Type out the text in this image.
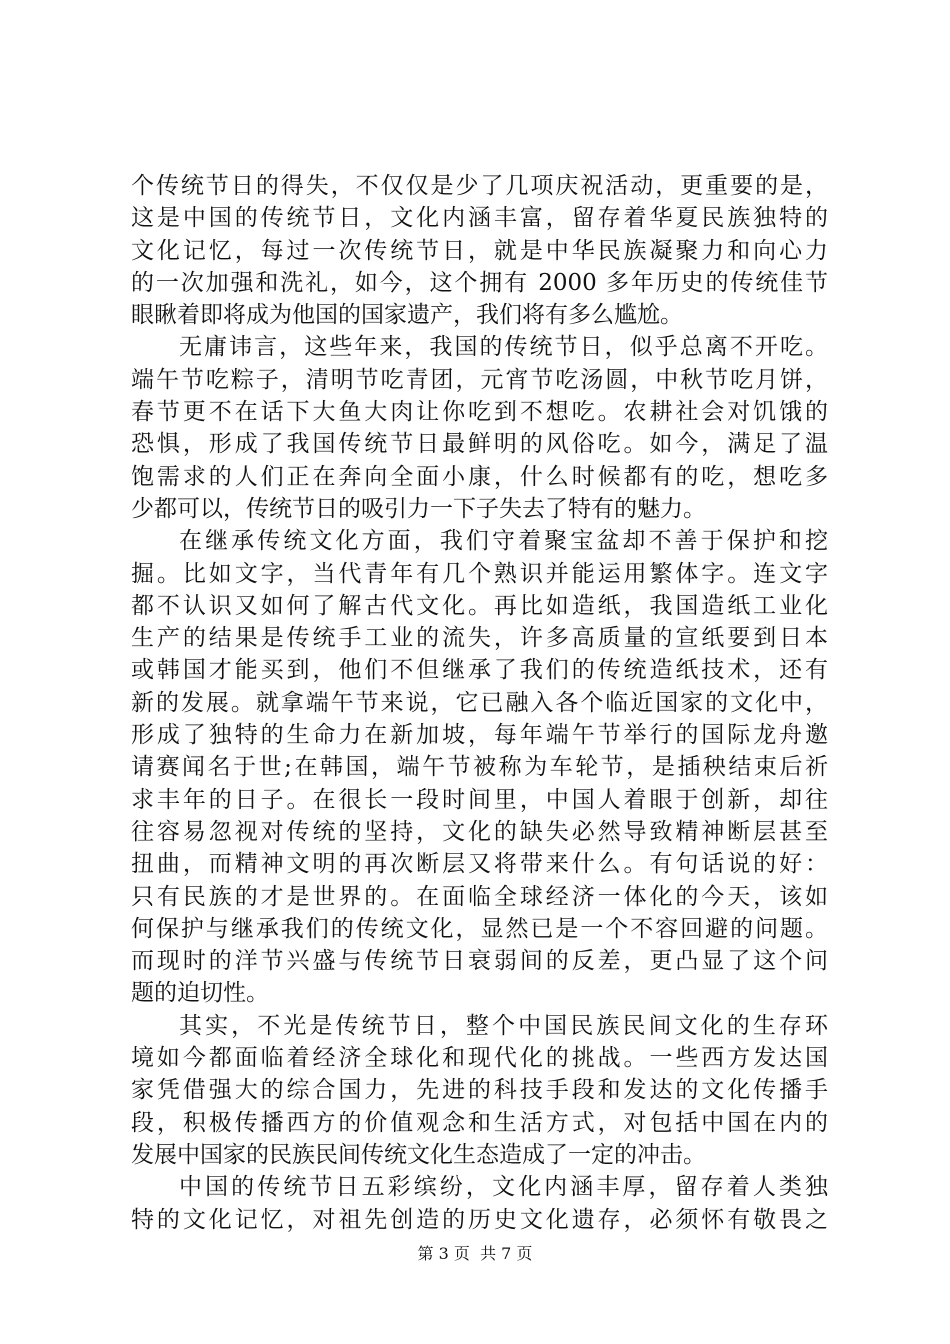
个传统节日的得失，不仅仅是少了几项庆祝活动，更重要的是，
这是中国的传统节日，文化内涵丰富，留存着华夏民族独特的
文化记忆，每过一次传统节日，就是中华民族凝聚力和向心力
的一次加强和洗礼，如今，这个拥有 2000 多年历史的传统佳节
眼瞅着即将成为他国的国家遗产，我们将有多么尴尬。
无庸讳言，这些年来，我国的传统节日，似乎总离不开吃。
端午节吃粽子，清明节吃青团，元宵节吃汤圆，中秋节吃月饼，
春节更不在话下大鱼大肉让你吃到不想吃。农耕社会对饥饿的
恐惧，形成了我国传统节日最鲜明的风俗吃。如今，满足了温
饱需求的人们正在奔向全面小康，什么时候都有的吃，想吃多
少都可以，传统节日的吸引力一下子失去了特有的魅力。
在继承传统文化方面，我们守着聚宝盆却不善于保护和挖
掘。比如文字，当代青年有几个熟识并能运用繁体字。连文字
都不认识又如何了解古代文化。再比如造纸，我国造纸工业化
生产的结果是传统手工业的流失，许多高质量的宣纸要到日本
或韩国才能买到，他们不但继承了我们的传统造纸技术，还有
新的发展。就拿端午节来说，它已融入各个临近国家的文化中，
形成了独特的生命力在新加坡，每年端午节举行的国际龙舟邀
请赛闻名于世;在韩国，端午节被称为车轮节，是插秧结束后祈
求丰年的日子。在很长一段时间里，中国人着眼于创新，却往
往容易忽视对传统的坚持，文化的缺失必然导致精神断层甚至
扭曲，而精神文明的再次断层又将带来什么。有句话说的好：
只有民族的才是世界的。在面临全球经济一体化的今天，该如
何保护与继承我们的传统文化，显然已是一个不容回避的问题。
而现时的洋节兴盛与传统节日衰弱间的反差，更凸显了这个问
题的迫切性。
其实，不光是传统节日，整个中国民族民间文化的生存环
境如今都面临着经济全球化和现代化的挑战。一些西方发达国
家凭借强大的综合国力，先进的科技手段和发达的文化传播手
段，积极传播西方的价值观念和生活方式，对包括中国在内的
发展中国家的民族民间传统文化生态造成了一定的冲击。
中国的传统节日五彩缤纷，文化内涵丰厚，留存着人类独
特的文化记忆，对祖先创造的历史文化遗存，必须怀有敬畏之
第 3 页  共 7 页
